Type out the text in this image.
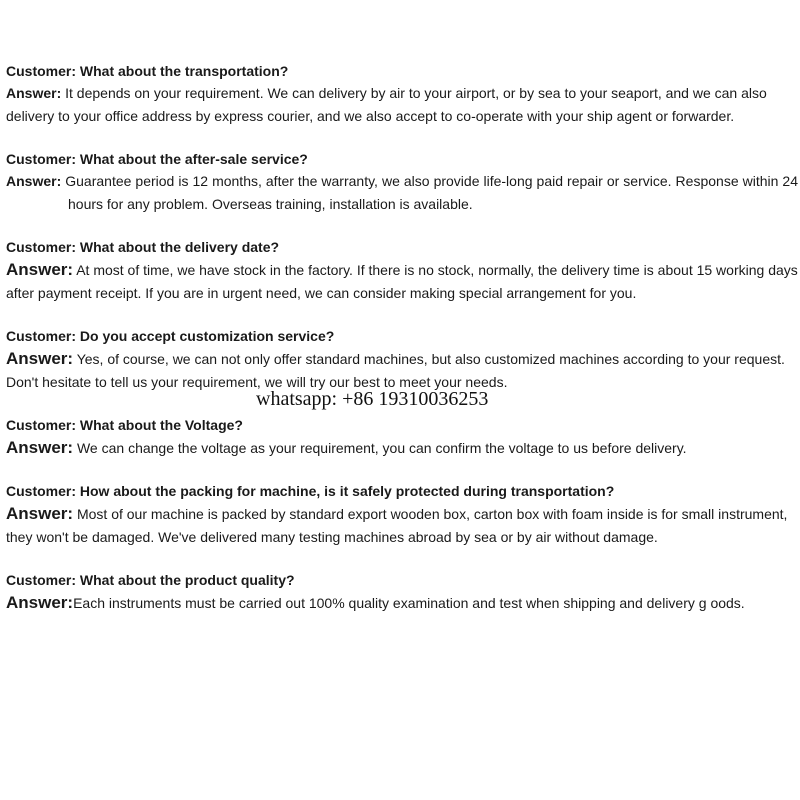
Customer: What about the transportation?

Answer: It depends on your requirement. We can delivery by air to your airport, or by sea to your seaport, and we can also delivery to your office address by express courier, and we also accept to co-operate with your ship agent or forwarder.

Customer: What about the after-sale service?

Answer: Guarantee period is 12 months, after the warranty, we also provide life-long paid repair or service. Response within 24 hours for any problem. Overseas training, installation is available.

Customer: What about the delivery date?

Answer: At most of time, we have stock in the factory. If there is no stock, normally, the delivery time is about 15 working days after payment receipt. If you are in urgent need, we can consider making special arrangement for you.

Customer: Do you accept customization service?

Answer: Yes, of course, we can not only offer standard machines, but also customized machines according to your request. Don't hesitate to tell us your requirement, we will try our best to meet your needs.

Customer: What about the Voltage?

Answer: We can change the voltage as your requirement, you can confirm the voltage to us before delivery.

Customer: How about the packing for machine, is it safely protected during transportation?

Answer: Most of our machine is packed by standard export wooden box, carton box with foam inside is for small instrument, they won't be damaged. We've delivered many testing machines abroad by sea or by air without damage.

Customer: What about the product quality?

Answer:Each instruments must be carried out 100% quality examination and test when shipping and delivery g oods.

whatsapp: +86 19310036253
